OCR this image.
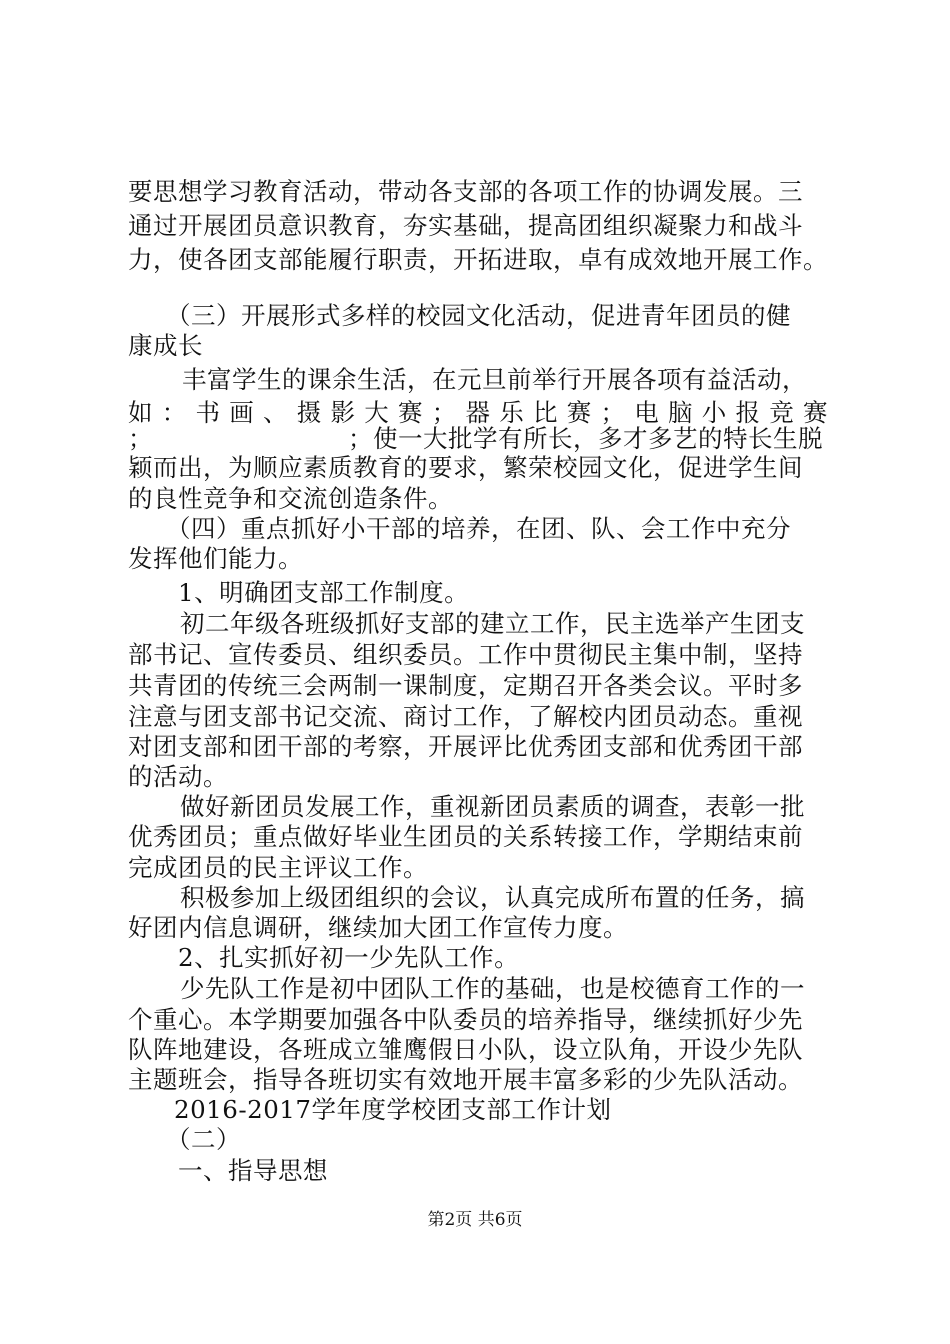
要思想学习教育活动，带动各支部的各项工作的协调发展。三
通过开展团员意识教育，夯实基础，提高团组织凝聚力和战斗
力，使各团支部能履行职责，开拓进取，卓有成效地开展工作。
（三）开展形式多样的校园文化活动，促进青年团员的健
康成长
丰富学生的课余生活，在元旦前举行开展各项有益活动，
如 ： 书 画 、 摄 影 大 赛 ； 器 乐 比 赛 ； 电 脑 小 报 竞 赛
；	；使一大批学有所长，多才多艺的特长生脱
颖而出，为顺应素质教育的要求，繁荣校园文化，促进学生间
的良性竞争和交流创造条件。
（四）重点抓好小干部的培养，在团、队、会工作中充分
发挥他们能力。
1、明确团支部工作制度。
初二年级各班级抓好支部的建立工作，民主选举产生团支
部书记、宣传委员、组织委员。工作中贯彻民主集中制，坚持
共青团的传统三会两制一课制度，定期召开各类会议。平时多
注意与团支部书记交流、商讨工作，了解校内团员动态。重视
对团支部和团干部的考察，开展评比优秀团支部和优秀团干部
的活动。
做好新团员发展工作，重视新团员素质的调查，表彰一批
优秀团员；重点做好毕业生团员的关系转接工作，学期结束前
完成团员的民主评议工作。
积极参加上级团组织的会议，认真完成所布置的任务，搞
好团内信息调研，继续加大团工作宣传力度。
2、扎实抓好初一少先队工作。
少先队工作是初中团队工作的基础，也是校德育工作的一
个重心。本学期要加强各中队委员的培养指导，继续抓好少先
队阵地建设，各班成立雏鹰假日小队，设立队角，开设少先队
主题班会，指导各班切实有效地开展丰富多彩的少先队活动。
2016-2017学年度学校团支部工作计划
（二）
一、指导思想
第2页 共6页
